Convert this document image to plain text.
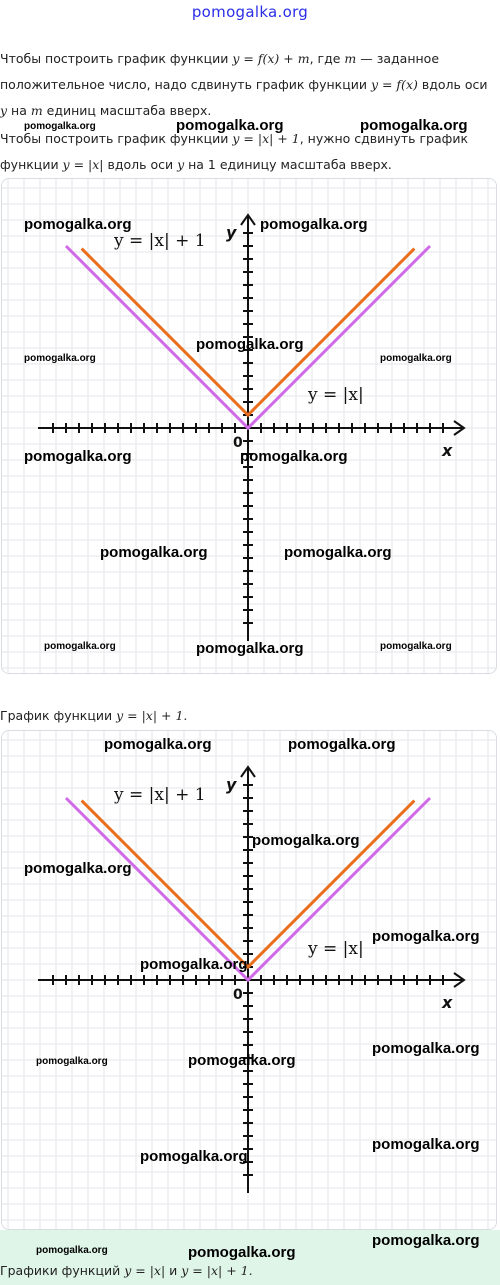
pomogalka.org
Чтобы построить график функции y = f(x) + m, где m — заданное положительное число, надо сдвинуть график функции y = f(x) вдоль оси y на m единиц масштаба вверх.
Чтобы построить график функции y = |x| + 1, нужно сдвинуть график функции y = |x| вдоль оси y на 1 единицу масштаба вверх.
y = |x| + 1
y = |x|
y
x
0
График функции y = |x| + 1.
y = |x| + 1
y = |x|
y
x
0
Графики функций y = |x| и y = |x| + 1.
pomogalka.org	pomogalka.org	pomogalka.org
pomogalka.org	pomogalka.org
pomogalka.org
pomogalka.org	pomogalka.org
pomogalka.org	pomogalka.org
pomogalka.org	pomogalka.org
pomogalka.org	pomogalka.org	pomogalka.org
pomogalka.org	pomogalka.org
pomogalka.org
pomogalka.org
pomogalka.org
pomogalka.org
pomogalka.org	pomogalka.org
pomogalka.org
pomogalka.org
pomogalka.org
pomogalka.org	pomogalka.org
pomogalka.org
